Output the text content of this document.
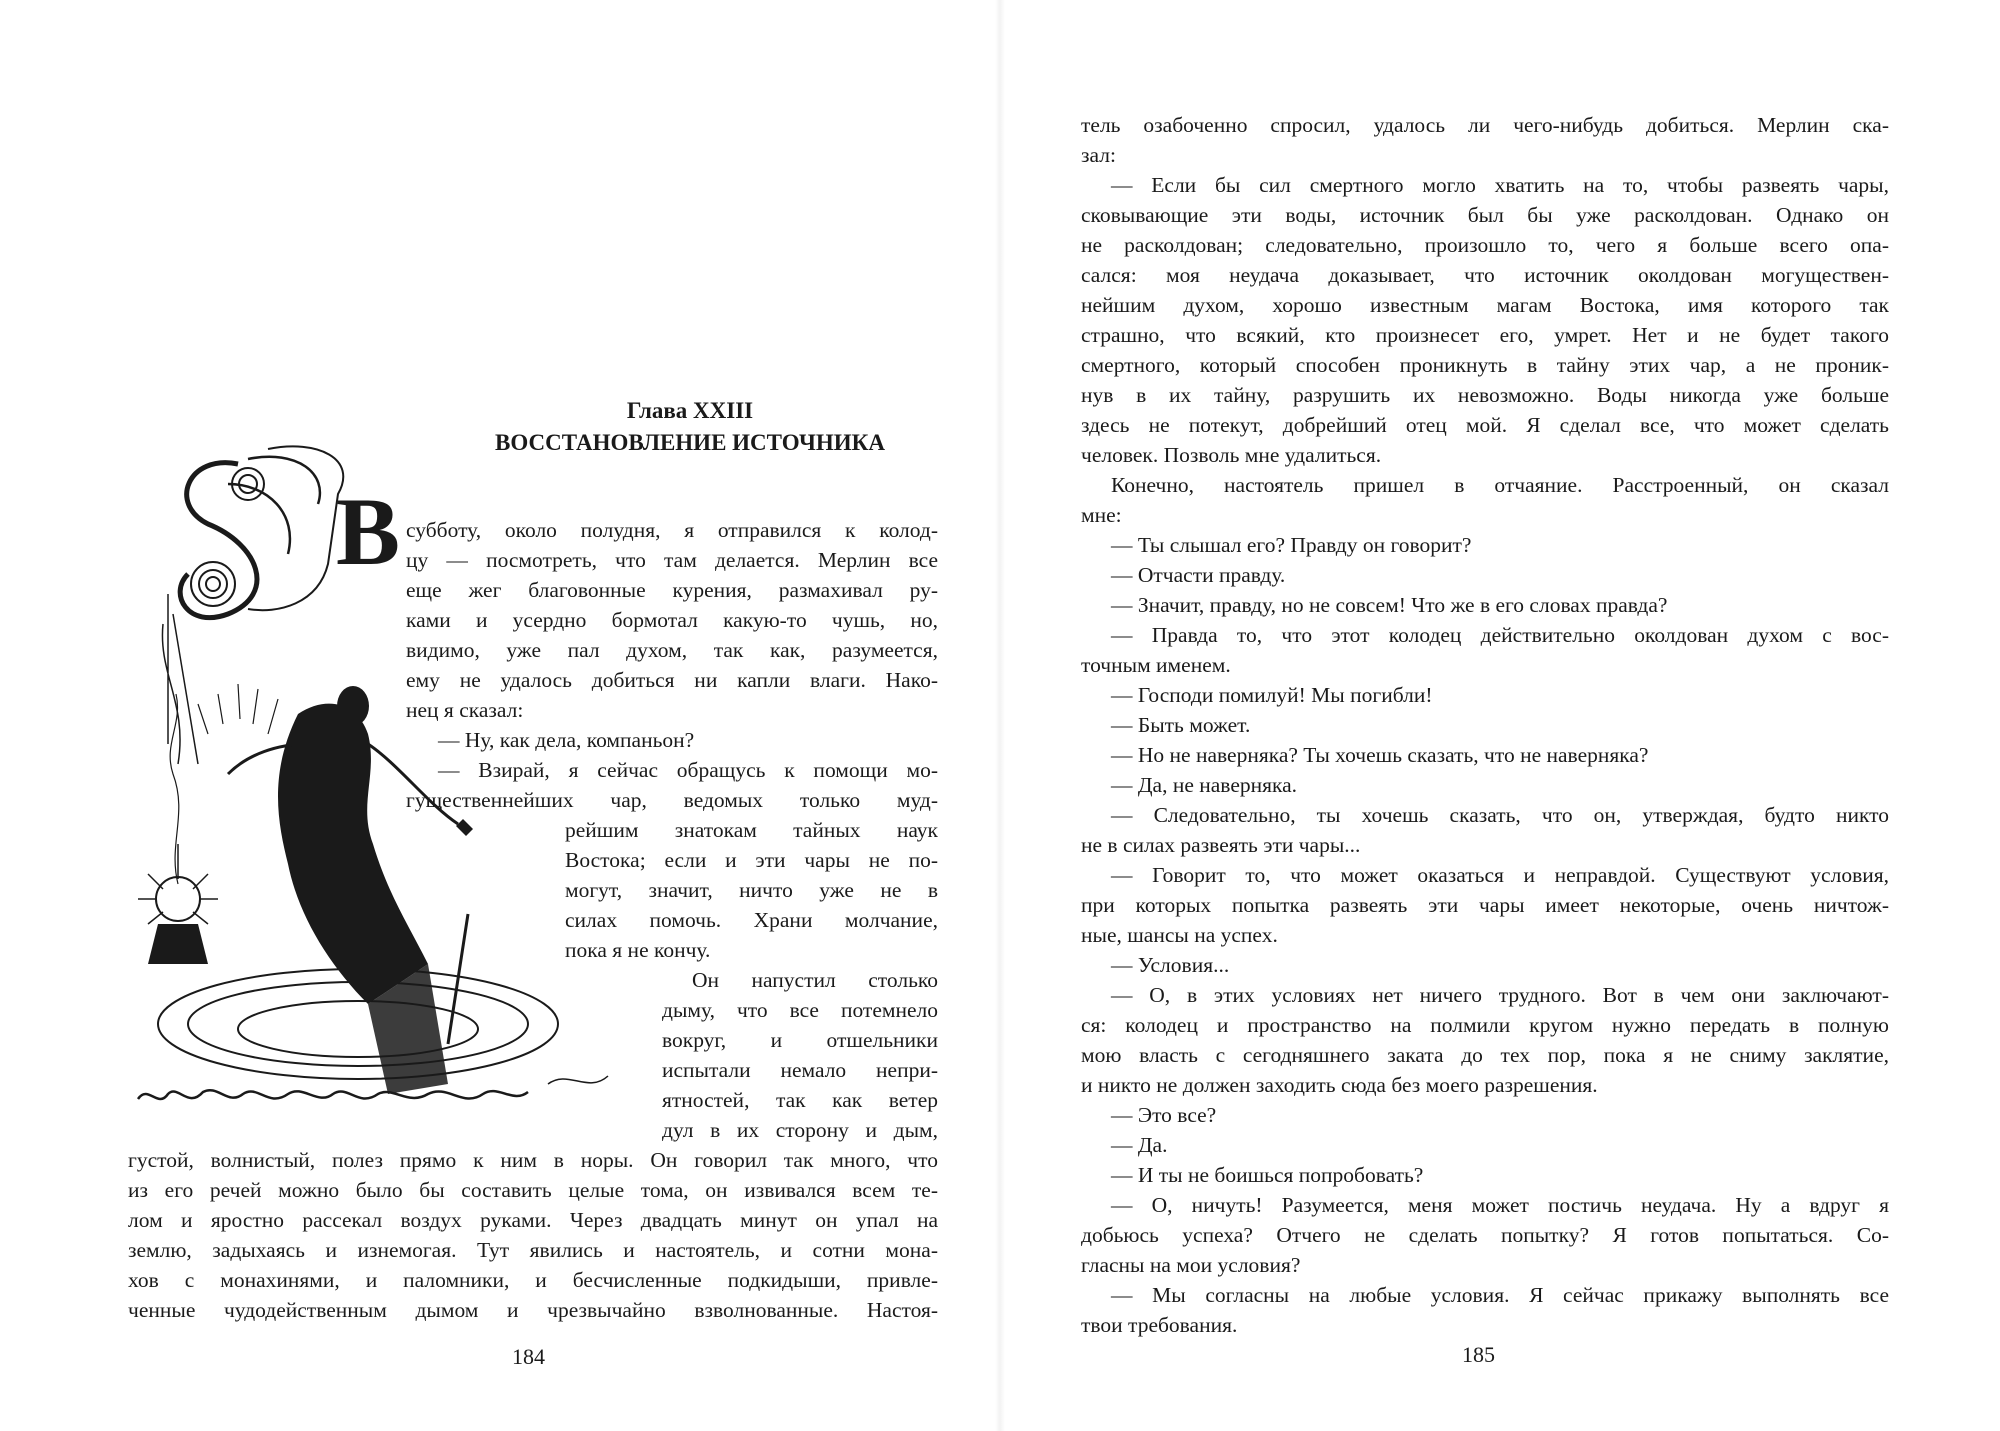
Глава XXIII
ВОССТАНОВЛЕНИЕ ИСТОЧНИКА
В субботу, около полудня, я отправился к колод-
цу — посмотреть, что там делается. Мерлин все
еще жег благовонные курения, размахивал ру-
ками и усердно бормотал какую-то чушь, но,
видимо, уже пал духом, так как, разумеется,
ему не удалось добиться ни капли влаги. Нако-
нец я сказал:
— Ну, как дела, компаньон?
— Взирай, я сейчас обращусь к помощи мо-
гущественнейших чар, ведомых только муд-
рейшим знатокам тайных наук
Востока; если и эти чары не по-
могут, значит, ничто уже не в
силах помочь. Храни молчание,
пока я не кончу.
Он напустил столько
дыму, что все потемнело
вокруг, и отшельники
испытали немало непри-
ятностей, так как ветер
дул в их сторону и дым,
густой, волнистый, полез прямо к ним в норы. Он говорил так много, что
из его речей можно было бы составить целые тома, он извивался всем те-
лом и яростно рассекал воздух руками. Через двадцать минут он упал на
землю, задыхаясь и изнемогая. Тут явились и настоятель, и сотни мона-
хов с монахинями, и паломники, и бесчисленные подкидыши, привле-
ченные чудодейственным дымом и чрезвычайно взволнованные. Настоя-
184
тель озабоченно спросил, удалось ли чего-нибудь добиться. Мерлин ска-
зал:
— Если бы сил смертного могло хватить на то, чтобы развеять чары,
сковывающие эти воды, источник был бы уже расколдован. Однако он
не расколдован; следовательно, произошло то, чего я больше всего опа-
сался: моя неудача доказывает, что источник околдован могуществен-
нейшим духом, хорошо известным магам Востока, имя которого так
страшно, что всякий, кто произнесет его, умрет. Нет и не будет такого
смертного, который способен проникнуть в тайну этих чар, а не проник-
нув в их тайну, разрушить их невозможно. Воды никогда уже больше
здесь не потекут, добрейший отец мой. Я сделал все, что может сделать
человек. Позволь мне удалиться.
Конечно, настоятель пришел в отчаяние. Расстроенный, он сказал
мне:
— Ты слышал его? Правду он говорит?
— Отчасти правду.
— Значит, правду, но не совсем! Что же в его словах правда?
— Правда то, что этот колодец действительно околдован духом с вос-
точным именем.
— Господи помилуй! Мы погибли!
— Быть может.
— Но не наверняка? Ты хочешь сказать, что не наверняка?
— Да, не наверняка.
— Следовательно, ты хочешь сказать, что он, утверждая, будто никто
не в силах развеять эти чары...
— Говорит то, что может оказаться и неправдой. Существуют условия,
при которых попытка развеять эти чары имеет некоторые, очень ничтож-
ные, шансы на успех.
— Условия...
— О, в этих условиях нет ничего трудного. Вот в чем они заключают-
ся: колодец и пространство на полмили кругом нужно передать в полную
мою власть с сегодняшнего заката до тех пор, пока я не сниму заклятие,
и никто не должен заходить сюда без моего разрешения.
— Это все?
— Да.
— И ты не боишься попробовать?
— О, ничуть! Разумеется, меня может постичь неудача. Ну а вдруг я
добьюсь успеха? Отчего не сделать попытку? Я готов попытаться. Со-
гласны на мои условия?
— Мы согласны на любые условия. Я сейчас прикажу выполнять все
твои требования.
185
